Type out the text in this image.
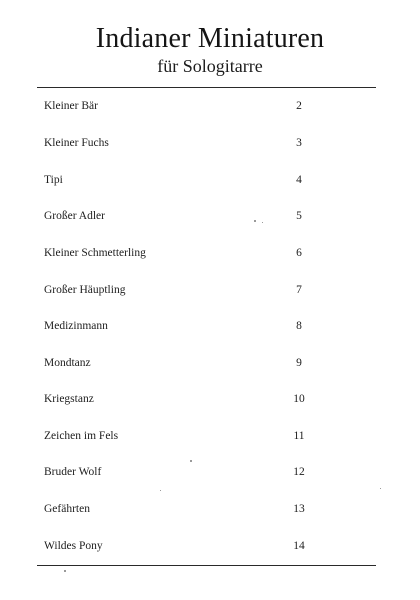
Indianer Miniaturen
für Sologitarre
Kleiner Bär	2
Kleiner Fuchs	3
Tipi	4
Großer Adler	5
Kleiner Schmetterling	6
Großer Häuptling	7
Medizinmann	8
Mondtanz	9
Kriegstanz	10
Zeichen im Fels	11
Bruder Wolf	12
Gefährten	13
Wildes Pony	14
